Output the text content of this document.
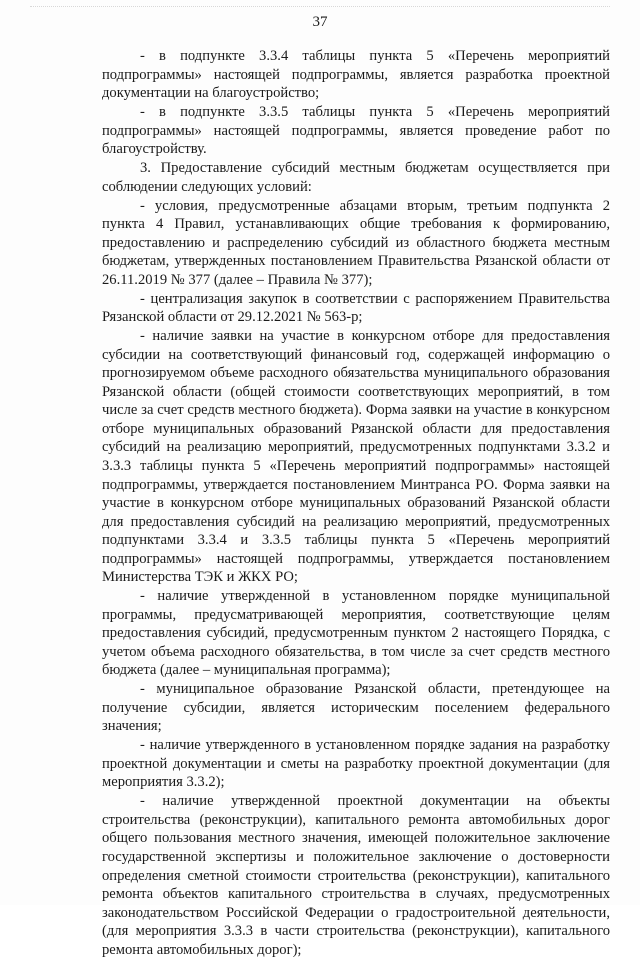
37

- в подпункте 3.3.4 таблицы пункта 5 «Перечень мероприятий подпрограммы» настоящей подпрограммы, является разработка проектной документации на благоустройство;

- в подпункте 3.3.5 таблицы пункта 5 «Перечень мероприятий подпрограммы» настоящей подпрограммы, является проведение работ по благоустройству.

3. Предоставление субсидий местным бюджетам осуществляется при соблюдении следующих условий:

- условия, предусмотренные абзацами вторым, третьим подпункта 2 пункта 4 Правил, устанавливающих общие требования к формированию, предоставлению и распределению субсидий из областного бюджета местным бюджетам, утвержденных постановлением Правительства Рязанской области от 26.11.2019 № 377 (далее – Правила № 377);

- централизация закупок в соответствии с распоряжением Правительства Рязанской области от 29.12.2021 № 563-р;

- наличие заявки на участие в конкурсном отборе для предоставления субсидии на соответствующий финансовый год, содержащей информацию о прогнозируемом объеме расходного обязательства муниципального образования Рязанской области (общей стоимости соответствующих мероприятий, в том числе за счет средств местного бюджета). Форма заявки на участие в конкурсном отборе муниципальных образований Рязанской области для предоставления субсидий на реализацию мероприятий, предусмотренных подпунктами 3.3.2 и 3.3.3 таблицы пункта 5 «Перечень мероприятий подпрограммы» настоящей подпрограммы, утверждается постановлением Минтранса РО. Форма заявки на участие в конкурсном отборе муниципальных образований Рязанской области для предоставления субсидий на реализацию мероприятий, предусмотренных подпунктами 3.3.4 и 3.3.5 таблицы пункта 5 «Перечень мероприятий подпрограммы» настоящей подпрограммы, утверждается постановлением Министерства ТЭК и ЖКХ РО;

- наличие утвержденной в установленном порядке муниципальной программы, предусматривающей мероприятия, соответствующие целям предоставления субсидий, предусмотренным пунктом 2 настоящего Порядка, с учетом объема расходного обязательства, в том числе за счет средств местного бюджета (далее – муниципальная программа);

- муниципальное образование Рязанской области, претендующее на получение субсидии, является историческим поселением федерального значения;

- наличие утвержденного в установленном порядке задания на разработку проектной документации и сметы на разработку проектной документации (для мероприятия 3.3.2);

- наличие утвержденной проектной документации на объекты строительства (реконструкции), капитального ремонта автомобильных дорог общего пользования местного значения, имеющей положительное заключение государственной экспертизы и положительное заключение о достоверности определения сметной стоимости строительства (реконструкции), капитального ремонта объектов капитального строительства в случаях, предусмотренных законодательством Российской Федерации о градостроительной деятельности, (для мероприятия 3.3.3 в части строительства (реконструкции), капитального ремонта автомобильных дорог);
